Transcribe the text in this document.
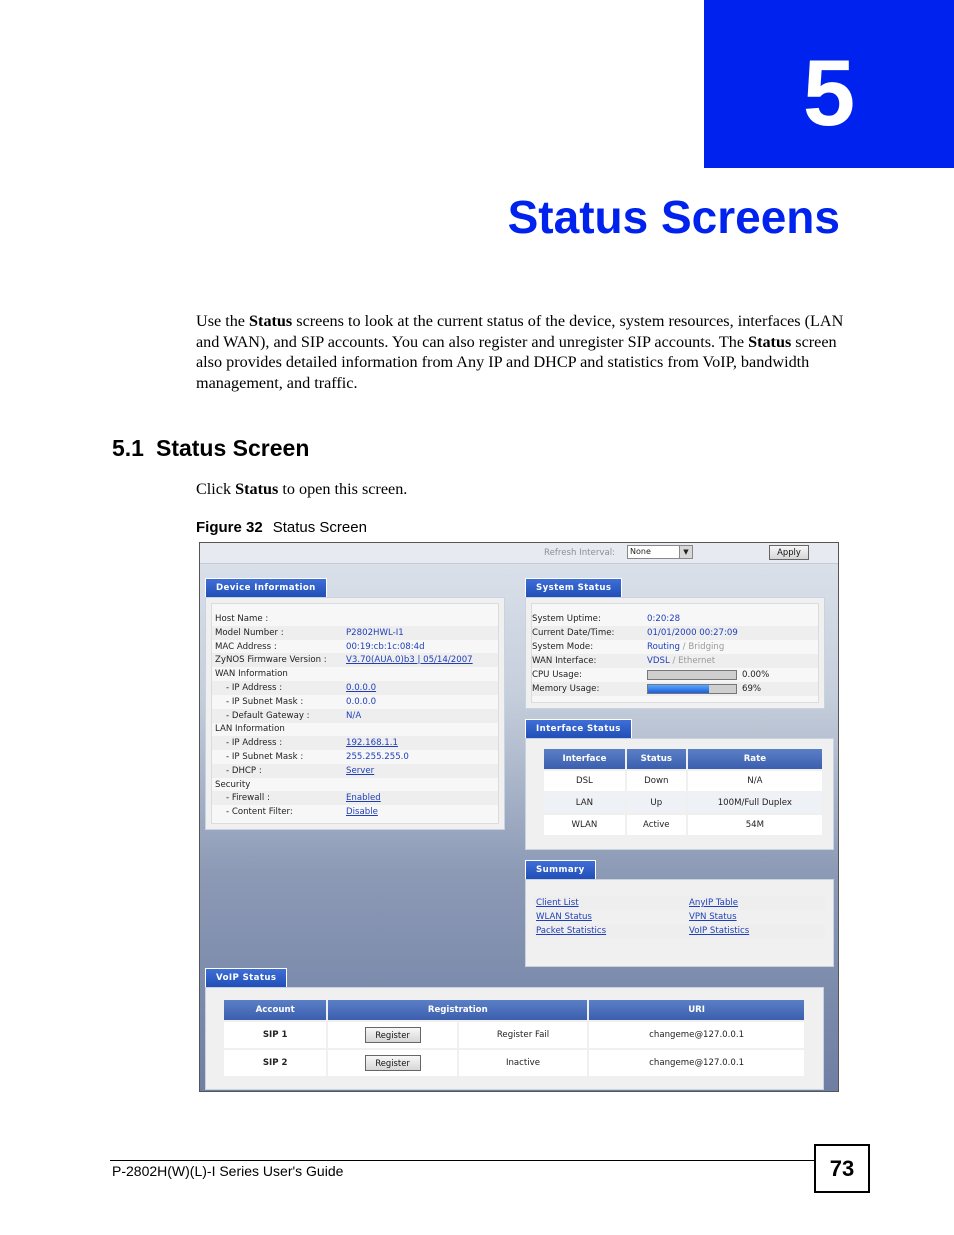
5
Status Screens
Use the Status screens to look at the current status of the device, system resources, interfaces (LAN and WAN), and SIP accounts. You can also register and unregister SIP accounts. The Status screen also provides detailed information from Any IP and DHCP and statistics from VoIP, bandwidth management, and traffic.
5.1 Status Screen
Click Status to open this screen.
Figure 32 Status Screen
Refresh Interval:	None	▼	Apply
Device Information
Host Name :
Model Number :	P2802HWL-I1
MAC Address :	00:19:cb:1c:08:4d
ZyNOS Firmware Version : V3.70(AUA.0)b3 | 05/14/2007
WAN Information
- IP Address :	0.0.0.0
- IP Subnet Mask :	0.0.0.0
- Default Gateway :	N/A
LAN Information
- IP Address :	192.168.1.1
- IP Subnet Mask :	255.255.255.0
- DHCP :	Server
Security
- Firewall :	Enabled
- Content Filter:	Disable
System Status
System Uptime:	0:20:28
Current Date/Time:	01/01/2000 00:27:09
System Mode:	Routing / Bridging
WAN Interface:	VDSL / Ethernet
CPU Usage:	0.00%
Memory Usage:	69%
Interface Status
Interface	Status	Rate
DSL	Down	N/A
LAN	Up	100M/Full Duplex
WLAN	Active	54M
Summary
Client List	AnyIP Table
WLAN Status	VPN Status
Packet Statistics	VoIP Statistics
VoIP Status
Account	Registration		URI
SIP 1	Register	Register Fail	changeme@127.0.0.1
SIP 2	Register	Inactive	changeme@127.0.0.1
P-2802H(W)(L)-I Series User's Guide	73
